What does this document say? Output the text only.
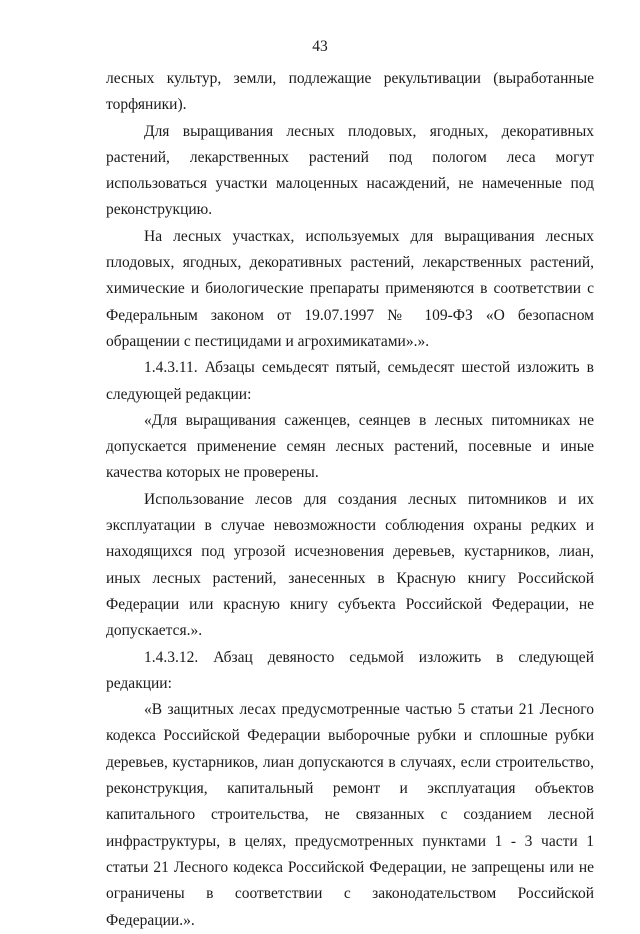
43

лесных культур, земли, подлежащие рекультивации (выработанные торфяники).

Для выращивания лесных плодовых, ягодных, декоративных растений, лекарственных растений под пологом леса могут использоваться участки малоценных насаждений, не намеченные под реконструкцию.

На лесных участках, используемых для выращивания лесных плодовых, ягодных, декоративных растений, лекарственных растений, химические и биологические препараты применяются в соответствии с Федеральным законом от 19.07.1997 № 109-ФЗ «О безопасном обращении с пестицидами и агрохимикатами».».

1.4.3.11. Абзацы семьдесят пятый, семьдесят шестой изложить в следующей редакции:

«Для выращивания саженцев, сеянцев в лесных питомниках не допускается применение семян лесных растений, посевные и иные качества которых не проверены.

Использование лесов для создания лесных питомников и их эксплуатации в случае невозможности соблюдения охраны редких и находящихся под угрозой исчезновения деревьев, кустарников, лиан, иных лесных растений, занесенных в Красную книгу Российской Федерации или красную книгу субъекта Российской Федерации, не допускается.».

1.4.3.12. Абзац девяносто седьмой изложить в следующей редакции:

«В защитных лесах предусмотренные частью 5 статьи 21 Лесного кодекса Российской Федерации выборочные рубки и сплошные рубки деревьев, кустарников, лиан допускаются в случаях, если строительство, реконструкция, капитальный ремонт и эксплуатация объектов капитального строительства, не связанных с созданием лесной инфраструктуры, в целях, предусмотренных пунктами 1 - 3 части 1 статьи 21 Лесного кодекса Российской Федерации, не запрещены или не ограничены в соответствии с законодательством Российской Федерации.».
